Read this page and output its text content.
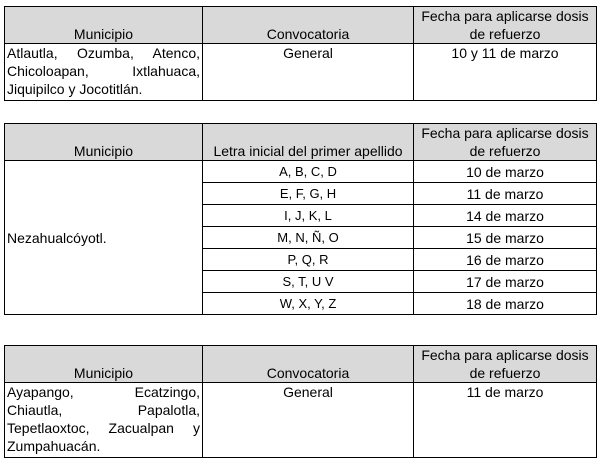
Municipio	Convocatoria	Fecha para aplicarse dosis de refuerzo
Atlautla, Ozumba, Atenco, Chicoloapan, Ixtlahuaca, Jiquipilco y Jocotitlán.	General	10 y 11 de marzo
Municipio	Letra inicial del primer apellido	Fecha para aplicarse dosis de refuerzo
Nezahualcóyotl.	A, B, C, D	10 de marzo
	E, F, G, H	11 de marzo
	I, J, K, L	14 de marzo
	M, N, Ñ, O	15 de marzo
	P, Q, R	16 de marzo
	S, T, U V	17 de marzo
	W, X, Y, Z	18 de marzo
Municipio	Convocatoria	Fecha para aplicarse dosis de refuerzo
Ayapango, Ecatzingo, Chiautla, Papalotla, Tepetlaoxtoc, Zacualpan y Zumpahuacán.	General	11 de marzo
